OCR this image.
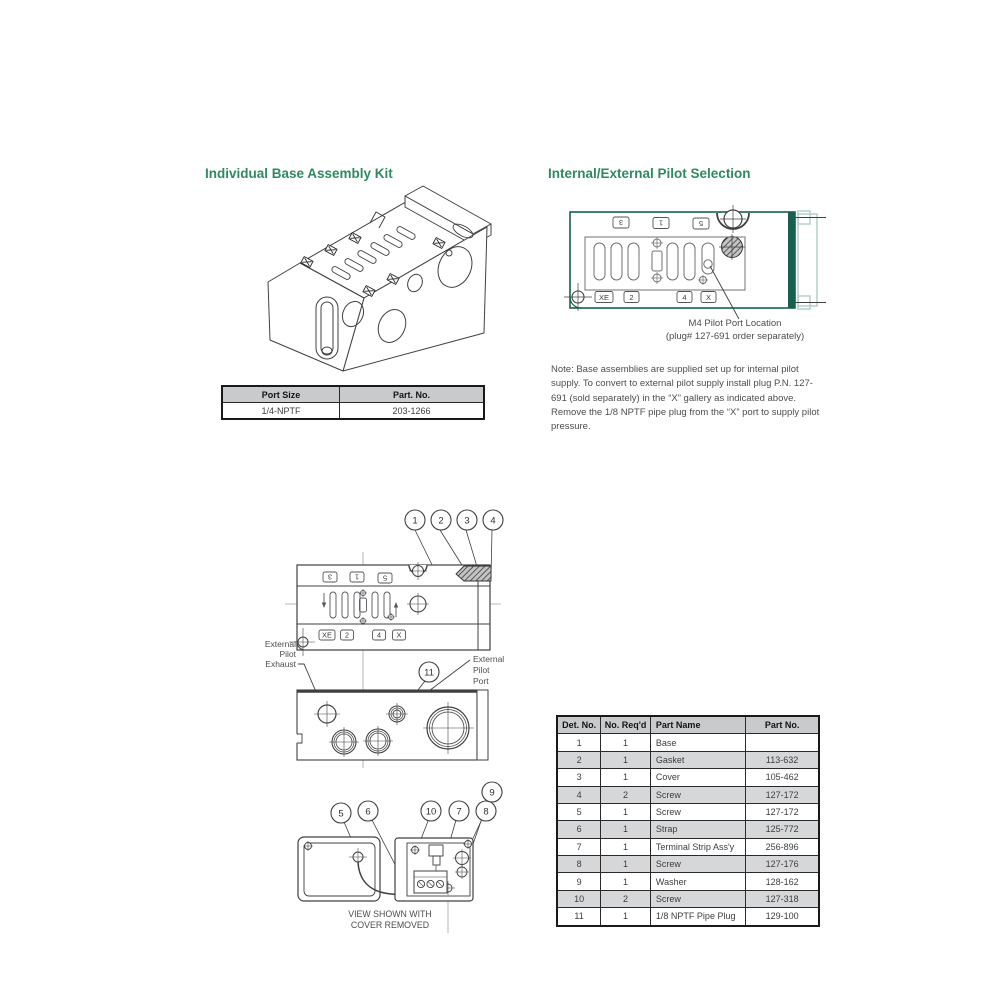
Individual Base Assembly Kit	Internal/External Pilot Selection
Port Size	Part. No.
1/4-NPTF	203-1266
3	1	5
XE	2	4	X
M4 Pilot Port Location
(plug# 127-691 order separately)
Note: Base assemblies are supplied set up for internal pilot supply. To convert to external pilot supply install plug P.N. 127-691 (sold separately) in the “X” gallery as indicated above. Remove the 1/8 NPTF pipe plug from the “X” port to supply pilot pressure.
3	1	5
XE 2	4 X
1 2 3 4
External
Pilot
Exhaust
11
External
Pilot
Port
5 6	10 7 8
9
VIEW SHOWN WITH
COVER REMOVED
Det. No.	No. Req'd	Part Name	Part No.
1	1	Base	
2	1	Gasket	113-632
3	1	Cover	105-462
4	2	Screw	127-172
5	1	Screw	127-172
6	1	Strap	125-772
7	1	Terminal Strip Ass'y	256-896
8	1	Screw	127-176
9	1	Washer	128-162
10	2	Screw	127-318
11	1	1/8 NPTF Pipe Plug	129-100
